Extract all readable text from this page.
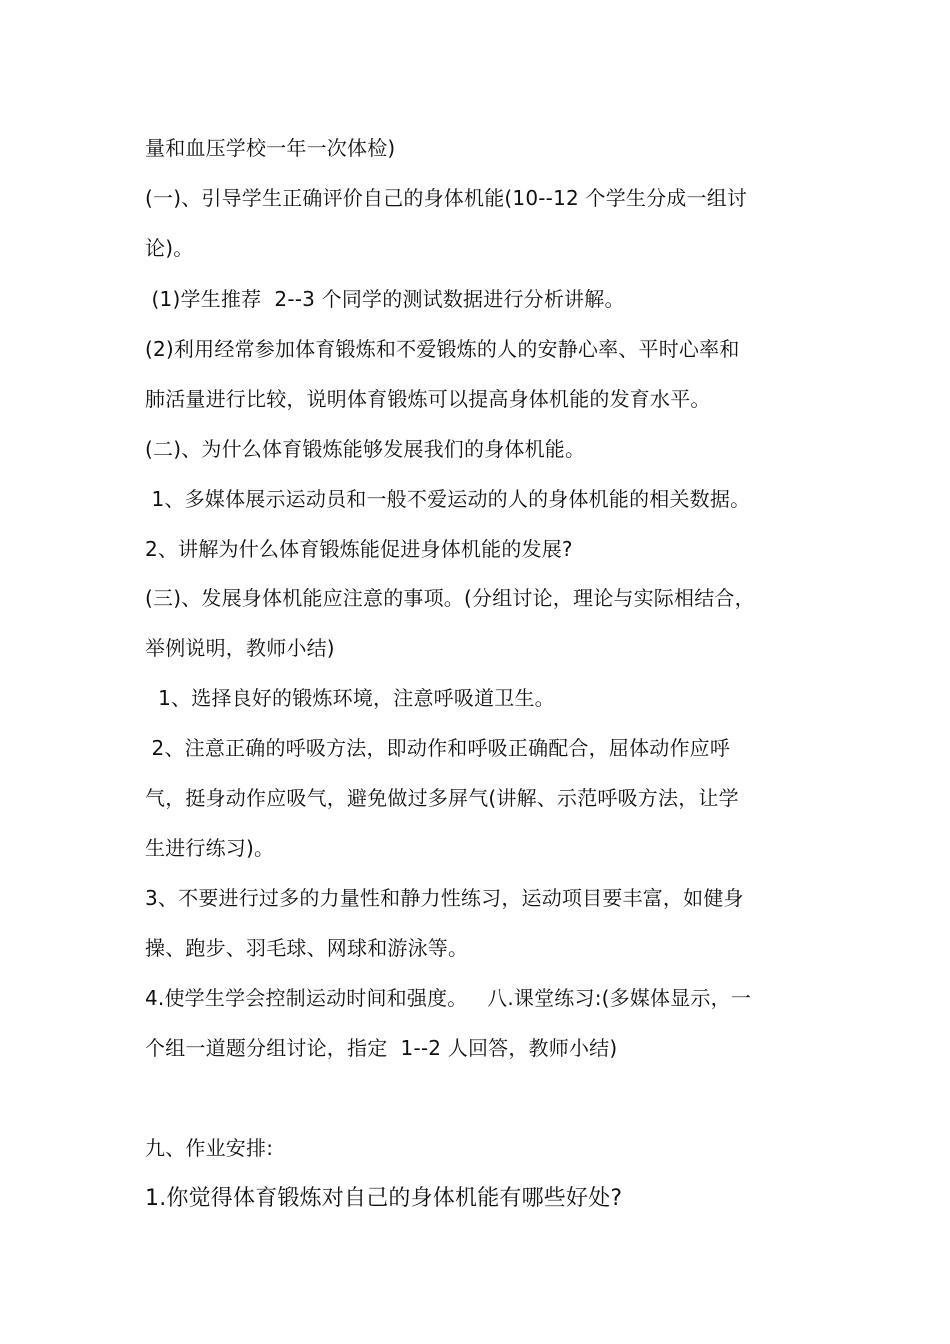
量和血压学校一年一次体检)
(一)、引导学生正确评价自己的身体机能(10--12 个学生分成一组讨
论)。
(1)学生推荐  2--3 个同学的测试数据进行分析讲解。
(2)利用经常参加体育锻炼和不爱锻炼的人的安静心率、平时心率和
肺活量进行比较，说明体育锻炼可以提高身体机能的发育水平。
(二)、为什么体育锻炼能够发展我们的身体机能。
1、多媒体展示运动员和一般不爱运动的人的身体机能的相关数据。
2、讲解为什么体育锻炼能促进身体机能的发展?
(三)、发展身体机能应注意的事项。(分组讨论，理论与实际相结合，
举例说明，教师小结)
1、选择良好的锻炼环境，注意呼吸道卫生。
2、注意正确的呼吸方法，即动作和呼吸正确配合，屈体动作应呼
气，挺身动作应吸气，避免做过多屏气(讲解、示范呼吸方法，让学
生进行练习)。
3、不要进行过多的力量性和静力性练习，运动项目要丰富，如健身
操、跑步、羽毛球、网球和游泳等。
4.使学生学会控制运动时间和强度。   八.课堂练习:(多媒体显示，一
个组一道题分组讨论，指定  1--2 人回答，教师小结)
九、作业安排:
1.你觉得体育锻炼对自己的身体机能有哪些好处?
